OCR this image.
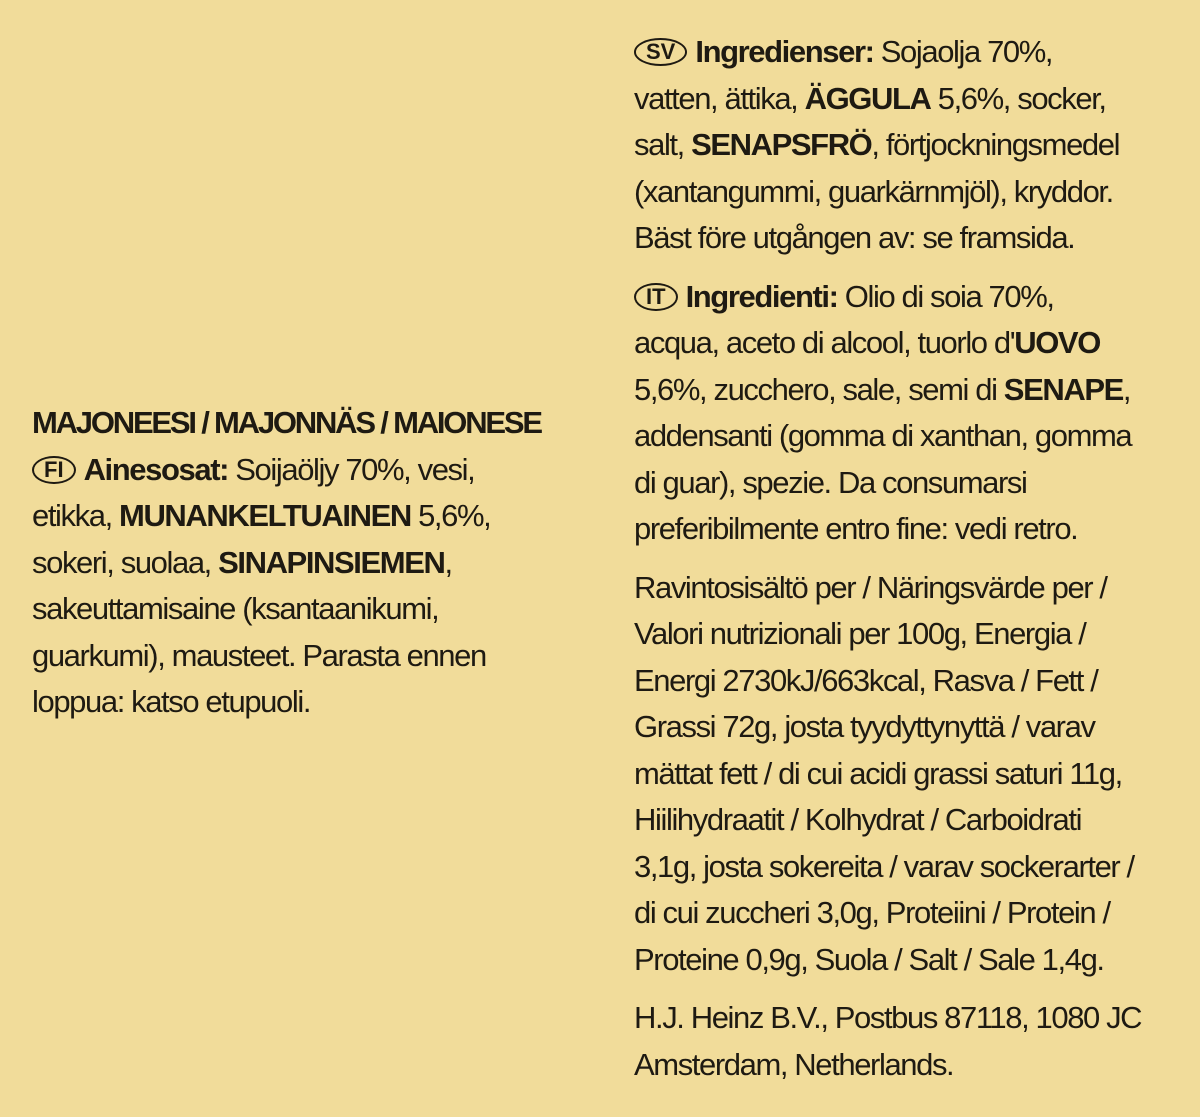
MAJONEESI / MAJONNÄS / MAIONESE
FI Ainesosat: Soijaöljy 70%, vesi,
etikka, MUNANKELTUAINEN 5,6%,
sokeri, suolaa, SINAPINSIEMEN,
sakeuttamisaine (ksantaanikumi,
guarkumi), mausteet. Parasta ennen
loppua: katso etupuoli.
SV Ingredienser: Sojaolja 70%,
vatten, ättika, ÄGGULA 5,6%, socker,
salt, SENAPSFRÖ, förtjockningsmedel
(xantangummi, guarkärnmjöl), kryddor.
Bäst före utgången av: se framsida.
IT Ingredienti: Olio di soia 70%,
acqua, aceto di alcool, tuorlo d'UOVO
5,6%, zucchero, sale, semi di SENAPE,
addensanti (gomma di xanthan, gomma
di guar), spezie. Da consumarsi
preferibilmente entro fine: vedi retro.
Ravintosisältö per / Näringsvärde per /
Valori nutrizionali per 100g, Energia /
Energi 2730kJ/663kcal, Rasva / Fett /
Grassi 72g, josta tyydyttynyttä / varav
mättat fett / di cui acidi grassi saturi 11g,
Hiilihydraatit / Kolhydrat / Carboidrati
3,1g, josta sokereita / varav sockerarter /
di cui zuccheri 3,0g, Proteiini / Protein /
Proteine 0,9g, Suola / Salt / Sale 1,4g.
H.J. Heinz B.V., Postbus 87118, 1080 JC
Amsterdam, Netherlands.
